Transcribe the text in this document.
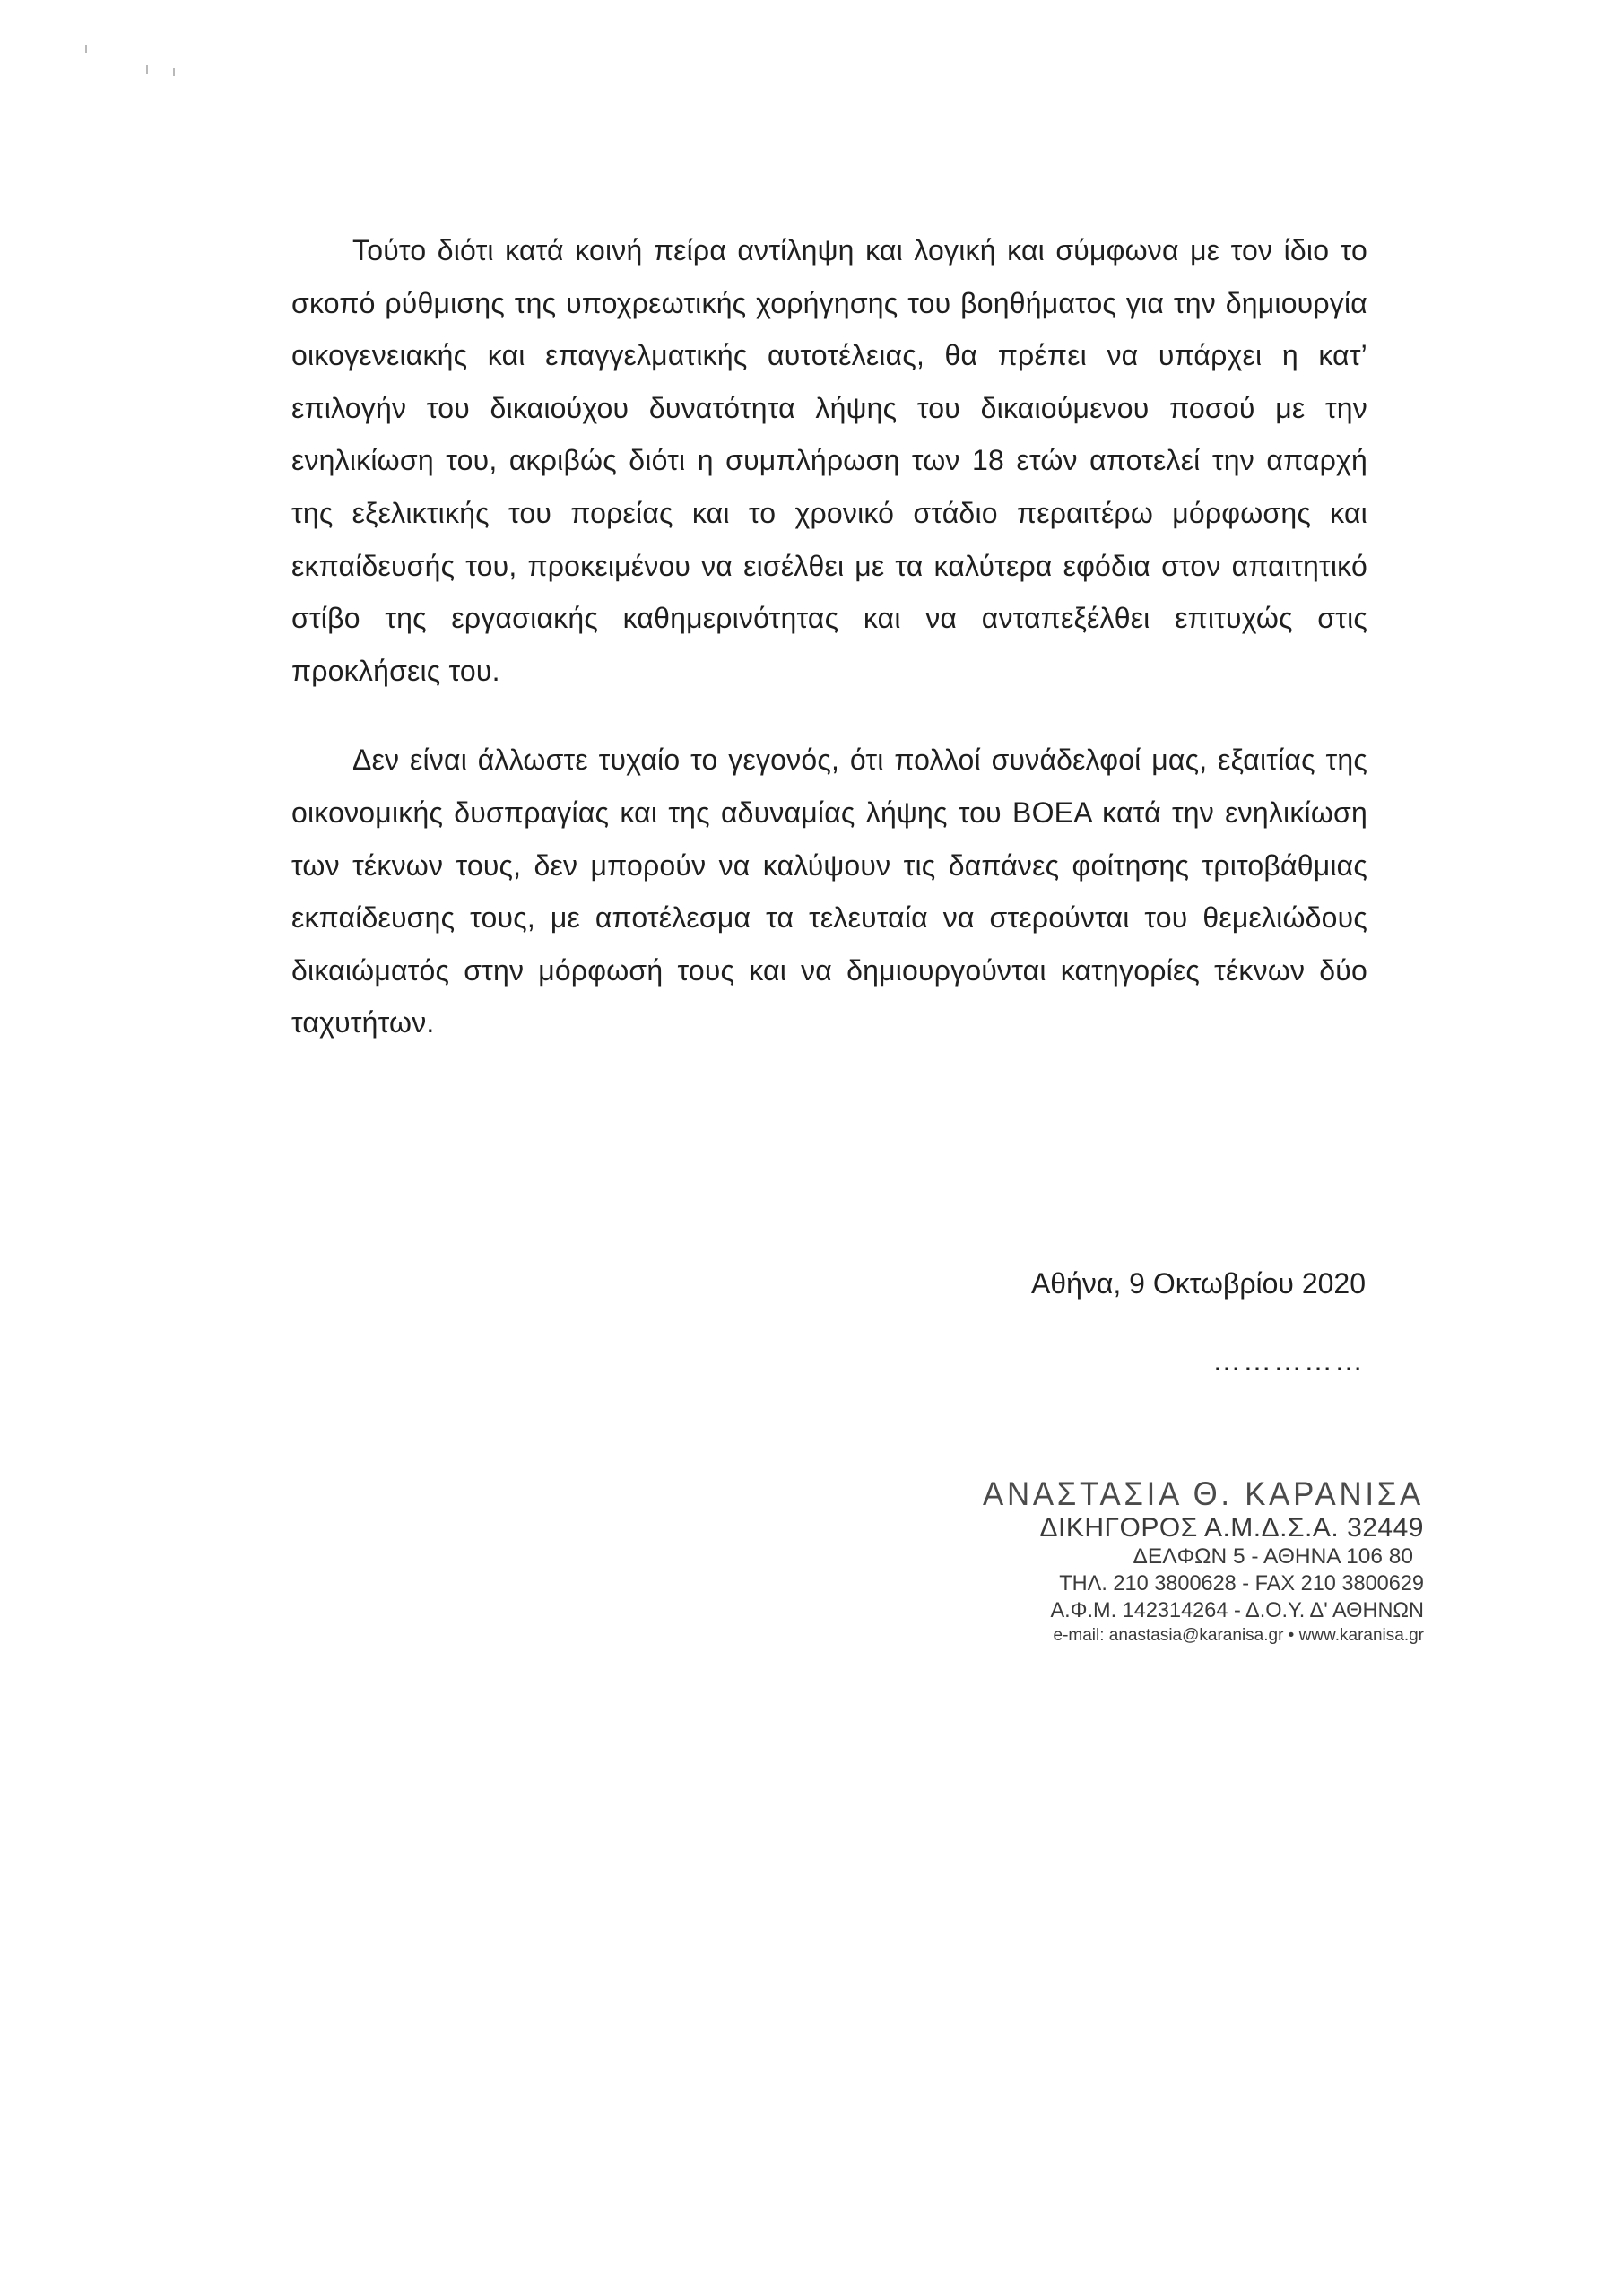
Τούτο διότι κατά κοινή πείρα αντίληψη και λογική και σύμφωνα με τον ίδιο το σκοπό ρύθμισης της υποχρεωτικής χορήγησης του βοηθήματος για την δημιουργία οικογενειακής και επαγγελματικής αυτοτέλειας, θα πρέπει να υπάρχει η κατ’ επιλογήν του δικαιούχου δυνατότητα λήψης του δικαιούμενου ποσού με την ενηλικίωση του, ακριβώς διότι η συμπλήρωση των 18 ετών αποτελεί την απαρχή της εξελικτικής του πορείας και το χρονικό στάδιο περαιτέρω μόρφωσης και εκπαίδευσής του, προκειμένου να εισέλθει με τα καλύτερα εφόδια στον απαιτητικό στίβο της εργασιακής καθημερινότητας και να ανταπεξέλθει επιτυχώς στις προκλήσεις του.

Δεν είναι άλλωστε τυχαίο το γεγονός, ότι πολλοί συνάδελφοί μας, εξαιτίας της οικονομικής δυσπραγίας και της αδυναμίας λήψης του ΒΟΕΑ κατά την ενηλικίωση των τέκνων τους, δεν μπορούν να καλύψουν τις δαπάνες φοίτησης τριτοβάθμιας εκπαίδευσης τους, με αποτέλεσμα τα τελευταία να στερούνται του θεμελιώδους δικαιώματός στην μόρφωσή τους και να δημιουργούνται κατηγορίες τέκνων δύο ταχυτήτων.

Αθήνα, 9 Οκτωβρίου 2020
……………
ΑΝΑΣΤΑΣΙΑ Θ. ΚΑΡΑΝΙΣΑ
ΔΙΚΗΓΟΡΟΣ Α.Μ.Δ.Σ.Α. 32449
ΔΕΛΦΩΝ 5 - ΑΘΗΝΑ 106 80
ΤΗΛ. 210 3800628 - FAX 210 3800629
Α.Φ.Μ. 142314264 - Δ.Ο.Υ. Δ' ΑΘΗΝΩΝ
e-mail: anastasia@karanisa.gr • www.karanisa.gr
